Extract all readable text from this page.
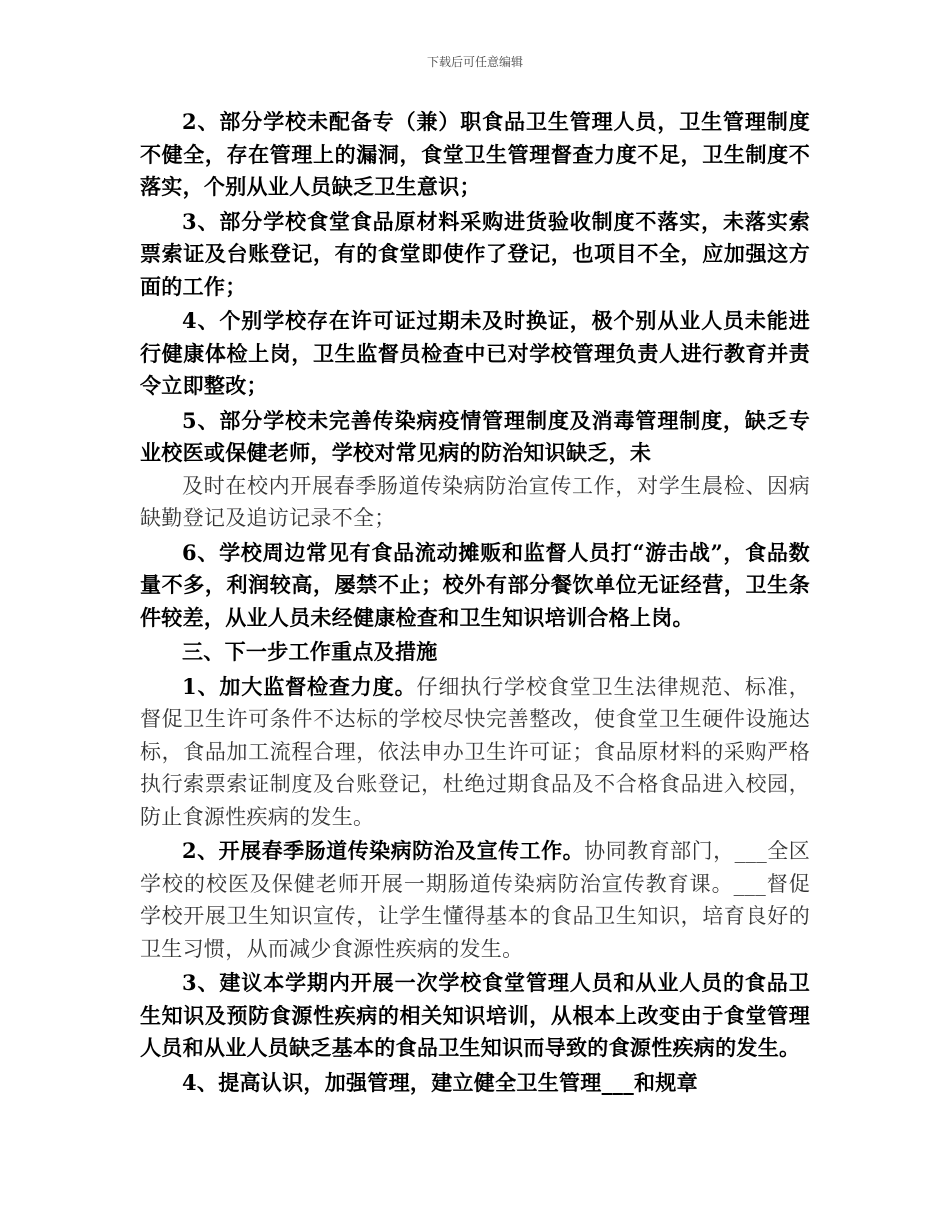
下载后可任意编辑

2、部分学校未配备专（兼）职食品卫生管理人员，卫生管理制度不健全，存在管理上的漏洞，食堂卫生管理督查力度不足，卫生制度不落实，个别从业人员缺乏卫生意识；

3、部分学校食堂食品原材料采购进货验收制度不落实，未落实索票索证及台账登记，有的食堂即使作了登记，也项目不全，应加强这方面的工作；

4、个别学校存在许可证过期未及时换证，极个别从业人员未能进行健康体检上岗，卫生监督员检查中已对学校管理负责人进行教育并责令立即整改；

5、部分学校未完善传染病疫情管理制度及消毒管理制度，缺乏专业校医或保健老师，学校对常见病的防治知识缺乏，未

及时在校内开展春季肠道传染病防治宣传工作，对学生晨检、因病缺勤登记及追访记录不全；

6、学校周边常见有食品流动摊贩和监督人员打“游击战”，食品数量不多，利润较高，屡禁不止；校外有部分餐饮单位无证经营，卫生条件较差，从业人员未经健康检查和卫生知识培训合格上岗。

三、下一步工作重点及措施

1、加大监督检查力度。仔细执行学校食堂卫生法律规范、标准，督促卫生许可条件不达标的学校尽快完善整改，使食堂卫生硬件设施达标，食品加工流程合理，依法申办卫生许可证；食品原材料的采购严格执行索票索证制度及台账登记，杜绝过期食品及不合格食品进入校园，防止食源性疾病的发生。

2、开展春季肠道传染病防治及宣传工作。协同教育部门，___全区学校的校医及保健老师开展一期肠道传染病防治宣传教育课。___督促学校开展卫生知识宣传，让学生懂得基本的食品卫生知识，培育良好的卫生习惯，从而减少食源性疾病的发生。

3、建议本学期内开展一次学校食堂管理人员和从业人员的食品卫生知识及预防食源性疾病的相关知识培训，从根本上改变由于食堂管理人员和从业人员缺乏基本的食品卫生知识而导致的食源性疾病的发生。

4、提高认识，加强管理，建立健全卫生管理___和规章
